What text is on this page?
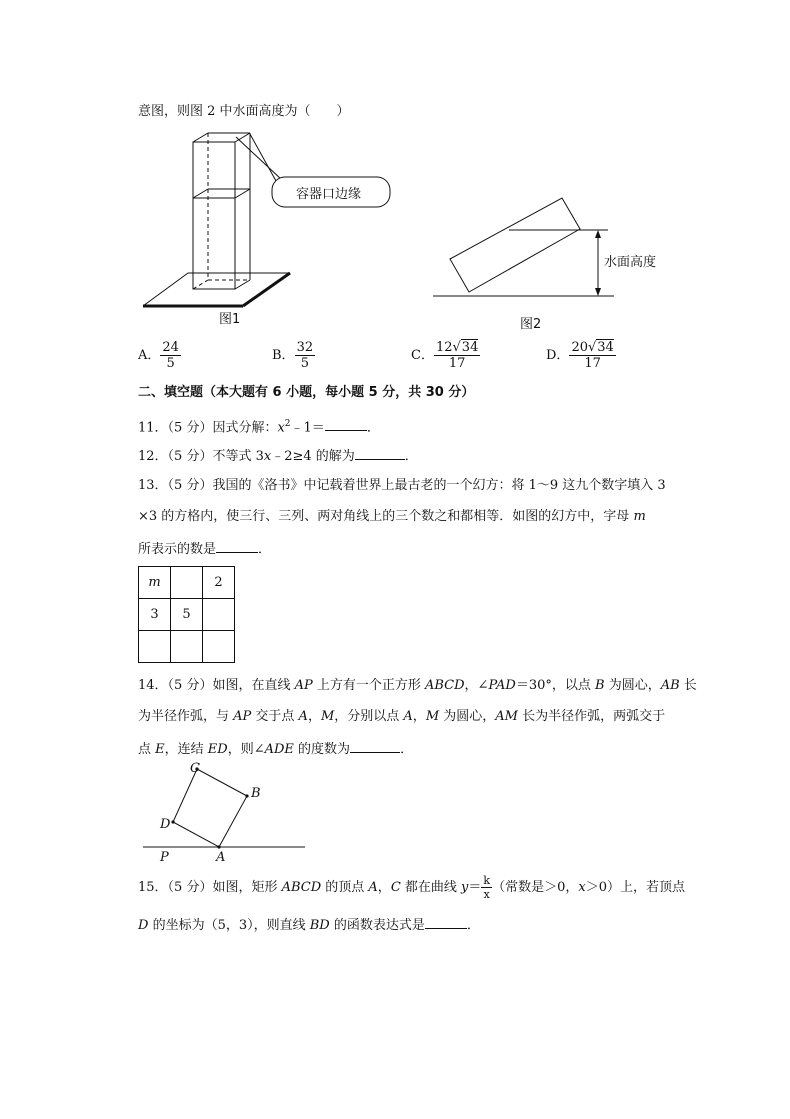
意图，则图 2 中水面高度为（　　）
容器口边缘
图1
水面高度
图2
A． $\frac{24}{5}$	B． $\frac{32}{5}$	C． $\frac{12√34}{17}$	D． $\frac{20√34}{17}$
二、填空题（本大题有 6 小题，每小题 5 分，共 30 分）
11．（5 分）因式分解：$x^2﹣1=$	．
12．（5 分）不等式 3x﹣2≥4 的解为	．
13．（5 分）我国的《洛书》中记载着世界上最古老的一个幻方：将 1～9 这九个数字填入 3
×3 的方格内，使三行、三列、两对角线上的三个数之和都相等．如图的幻方中，字母 m
所表示的数是	．
m		2
3	5	

14．（5 分）如图，在直线 AP 上方有一个正方形 ABCD，∠PAD＝30°，以点 B 为圆心，AB 长
为半径作弧，与 AP 交于点 A，M，分别以点 A，M 为圆心，AM 长为半径作弧，两弧交于
点 E，连结 ED，则∠ADE 的度数为	．
C
B
D
P	A
15．（5 分）如图，矩形 ABCD 的顶点 A，C 都在曲线 $y= \frac{k}{x}$ （常数是＞0，x＞0）上，若顶点
D 的坐标为（5，3），则直线 BD 的函数表达式是	．
